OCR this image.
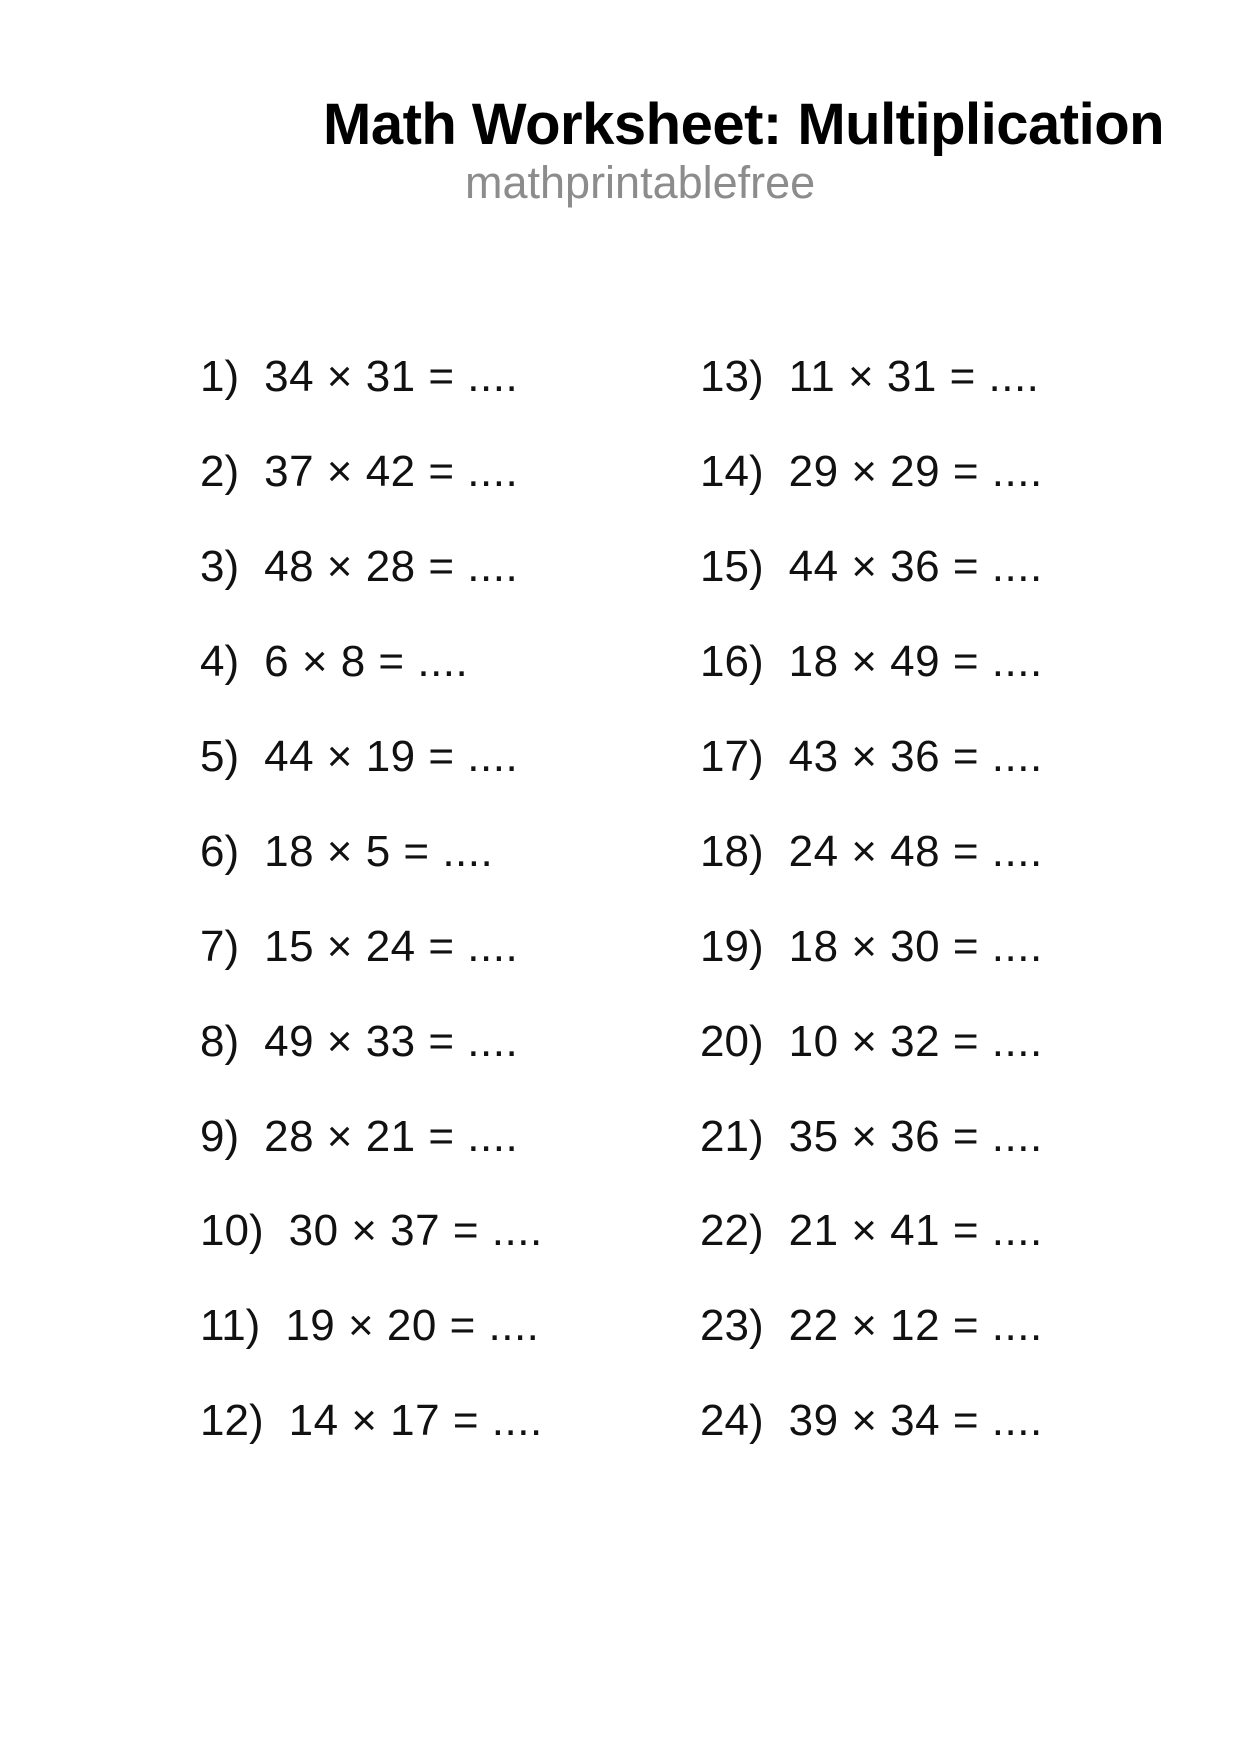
Math Worksheet: Multiplication
mathprintablefree
1) 34 × 31 = ....
2) 37 × 42 = ....
3) 48 × 28 = ....
4) 6 × 8 = ....
5) 44 × 19 = ....
6) 18 × 5 = ....
7) 15 × 24 = ....
8) 49 × 33 = ....
9) 28 × 21 = ....
10) 30 × 37 = ....
11) 19 × 20 = ....
12) 14 × 17 = ....
13) 11 × 31 = ....
14) 29 × 29 = ....
15) 44 × 36 = ....
16) 18 × 49 = ....
17) 43 × 36 = ....
18) 24 × 48 = ....
19) 18 × 30 = ....
20) 10 × 32 = ....
21) 35 × 36 = ....
22) 21 × 41 = ....
23) 22 × 12 = ....
24) 39 × 34 = ....
